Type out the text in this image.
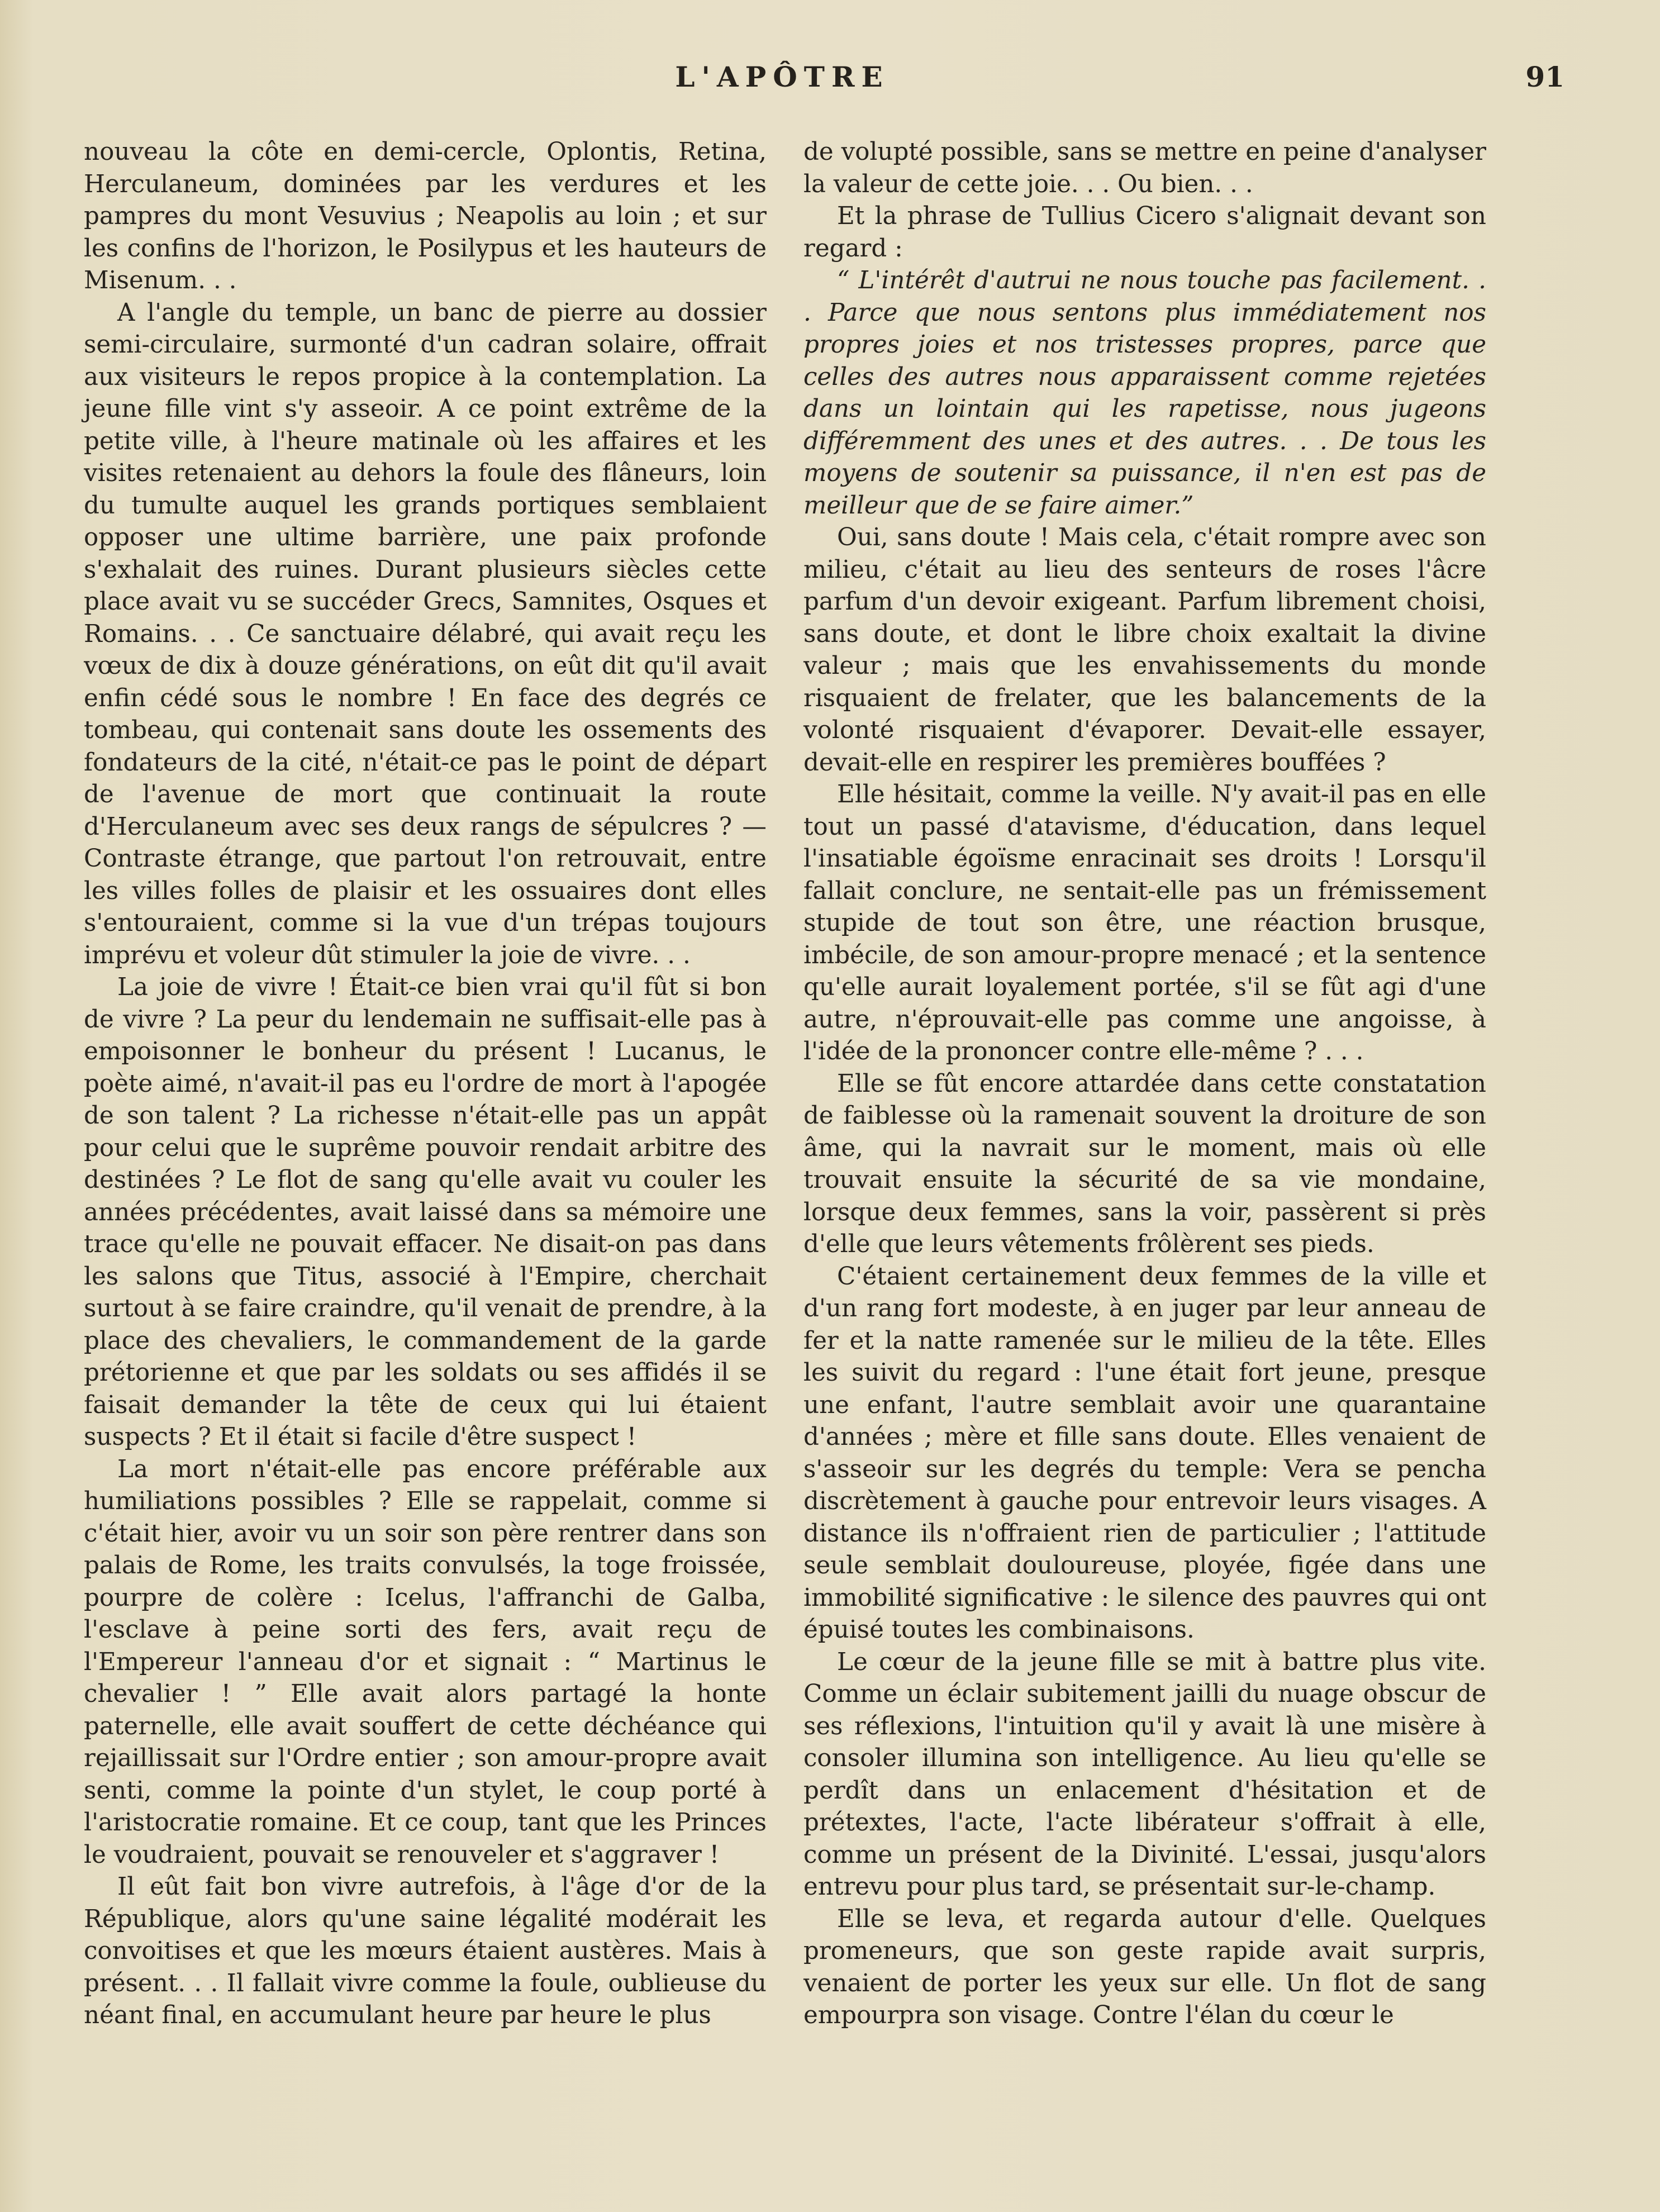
L'APÔTRE	91

nouveau la côte en demi-cercle, Oplontis, Retina, Herculaneum, dominées par les verdures et les pampres du mont Vesuvius ; Neapolis au loin ; et sur les confins de l'horizon, le Posilypus et les hauteurs de Misenum. . .

A l'angle du temple, un banc de pierre au dossier semi-circulaire, surmonté d'un cadran solaire, offrait aux visiteurs le repos propice à la contemplation. La jeune fille vint s'y asseoir. A ce point extrême de la petite ville, à l'heure matinale où les affaires et les visites retenaient au dehors la foule des flâneurs, loin du tumulte auquel les grands portiques semblaient opposer une ultime barrière, une paix profonde s'exhalait des ruines. Durant plusieurs siècles cette place avait vu se succéder Grecs, Samnites, Osques et Romains. . . Ce sanctuaire délabré, qui avait reçu les vœux de dix à douze générations, on eût dit qu'il avait enfin cédé sous le nombre ! En face des degrés ce tombeau, qui contenait sans doute les ossements des fondateurs de la cité, n'était-ce pas le point de départ de l'avenue de mort que continuait la route d'Herculaneum avec ses deux rangs de sépulcres ? — Contraste étrange, que partout l'on retrouvait, entre les villes folles de plaisir et les ossuaires dont elles s'entouraient, comme si la vue d'un trépas toujours imprévu et voleur dût stimuler la joie de vivre. . .

La joie de vivre ! Était-ce bien vrai qu'il fût si bon de vivre ? La peur du lendemain ne suffisait-elle pas à empoisonner le bonheur du présent ! Lucanus, le poète aimé, n'avait-il pas eu l'ordre de mort à l'apogée de son talent ? La richesse n'était-elle pas un appât pour celui que le suprême pouvoir rendait arbitre des destinées ? Le flot de sang qu'elle avait vu couler les années précédentes, avait laissé dans sa mémoire une trace qu'elle ne pouvait effacer. Ne disait-on pas dans les salons que Titus, associé à l'Empire, cherchait surtout à se faire craindre, qu'il venait de prendre, à la place des chevaliers, le commandement de la garde prétorienne et que par les soldats ou ses affidés il se faisait demander la tête de ceux qui lui étaient suspects ? Et il était si facile d'être suspect !

La mort n'était-elle pas encore préférable aux humiliations possibles ? Elle se rappelait, comme si c'était hier, avoir vu un soir son père rentrer dans son palais de Rome, les traits convulsés, la toge froissée, pourpre de colère : Icelus, l'affranchi de Galba, l'esclave à peine sorti des fers, avait reçu de l'Empereur l'anneau d'or et signait : “ Martinus le chevalier ! ” Elle avait alors partagé la honte paternelle, elle avait souffert de cette déchéance qui rejaillissait sur l'Ordre entier ; son amour-propre avait senti, comme la pointe d'un stylet, le coup porté à l'aristocratie romaine. Et ce coup, tant que les Princes le voudraient, pouvait se renouveler et s'aggraver !

Il eût fait bon vivre autrefois, à l'âge d'or de la République, alors qu'une saine légalité modérait les convoitises et que les mœurs étaient austères. Mais à présent. . . Il fallait vivre comme la foule, oublieuse du néant final, en accumulant heure par heure le plus

de volupté possible, sans se mettre en peine d'analyser la valeur de cette joie. . . Ou bien. . .

Et la phrase de Tullius Cicero s'alignait devant son regard :

“ L'intérêt d'autrui ne nous touche pas facilement. . . Parce que nous sentons plus immédiatement nos propres joies et nos tristesses propres, parce que celles des autres nous apparaissent comme rejetées dans un lointain qui les rapetisse, nous jugeons différemment des unes et des autres. . . De tous les moyens de soutenir sa puissance, il n'en est pas de meilleur que de se faire aimer.”

Oui, sans doute ! Mais cela, c'était rompre avec son milieu, c'était au lieu des senteurs de roses l'âcre parfum d'un devoir exigeant. Parfum librement choisi, sans doute, et dont le libre choix exaltait la divine valeur ; mais que les envahissements du monde risquaient de frelater, que les balancements de la volonté risquaient d'évaporer. Devait-elle essayer, devait-elle en respirer les premières bouffées ?

Elle hésitait, comme la veille. N'y avait-il pas en elle tout un passé d'atavisme, d'éducation, dans lequel l'insatiable égoïsme enracinait ses droits ! Lorsqu'il fallait conclure, ne sentait-elle pas un frémissement stupide de tout son être, une réaction brusque, imbécile, de son amour-propre menacé ; et la sentence qu'elle aurait loyalement portée, s'il se fût agi d'une autre, n'éprouvait-elle pas comme une angoisse, à l'idée de la prononcer contre elle-même ? . . .

Elle se fût encore attardée dans cette constatation de faiblesse où la ramenait souvent la droiture de son âme, qui la navrait sur le moment, mais où elle trouvait ensuite la sécurité de sa vie mondaine, lorsque deux femmes, sans la voir, passèrent si près d'elle que leurs vêtements frôlèrent ses pieds.

C'étaient certainement deux femmes de la ville et d'un rang fort modeste, à en juger par leur anneau de fer et la natte ramenée sur le milieu de la tête. Elles les suivit du regard : l'une était fort jeune, presque une enfant, l'autre semblait avoir une quarantaine d'années ; mère et fille sans doute. Elles venaient de s'asseoir sur les degrés du temple: Vera se pencha discrètement à gauche pour entrevoir leurs visages. A distance ils n'offraient rien de particulier ; l'attitude seule semblait douloureuse, ployée, figée dans une immobilité significative : le silence des pauvres qui ont épuisé toutes les combinaisons.

Le cœur de la jeune fille se mit à battre plus vite. Comme un éclair subitement jailli du nuage obscur de ses réflexions, l'intuition qu'il y avait là une misère à consoler illumina son intelligence. Au lieu qu'elle se perdît dans un enlacement d'hésitation et de prétextes, l'acte, l'acte libérateur s'offrait à elle, comme un présent de la Divinité. L'essai, jusqu'alors entrevu pour plus tard, se présentait sur-le-champ.

Elle se leva, et regarda autour d'elle. Quelques promeneurs, que son geste rapide avait surpris, venaient de porter les yeux sur elle. Un flot de sang empourpra son visage. Contre l'élan du cœur le
